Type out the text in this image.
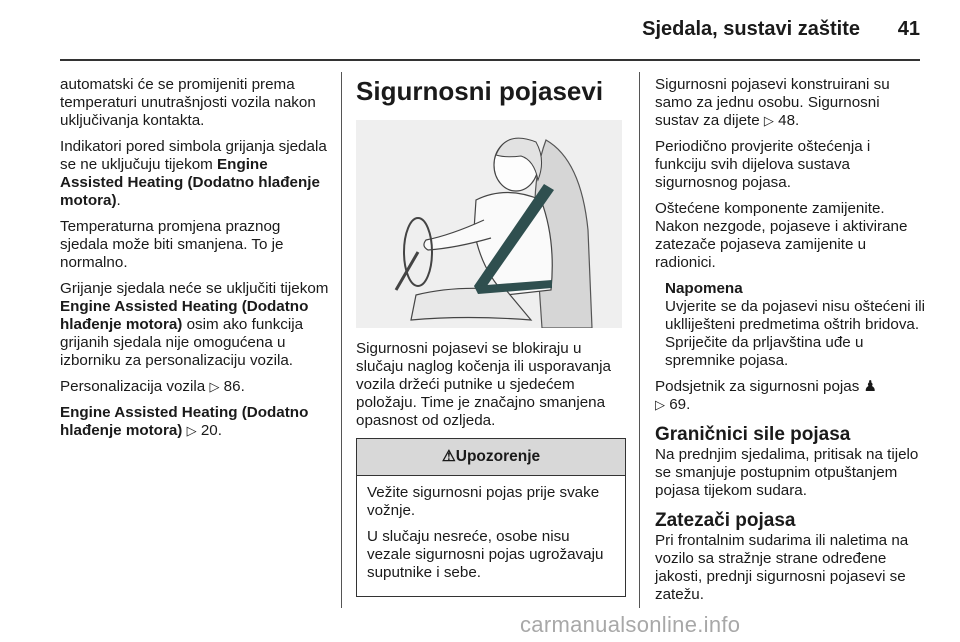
Sjedala, sustavi zaštite 41

automatski će se promijeniti prema temperaturi unutrašnjosti vozila nakon uključivanja kontakta.

Indikatori pored simbola grijanja sjedala se ne uključuju tijekom Engine Assisted Heating (Dodatno hlađenje motora).

Temperaturna promjena praznog sjedala može biti smanjena. To je normalno.

Grijanje sjedala neće se uključiti tijekom Engine Assisted Heating (Dodatno hlađenje motora) osim ako funkcija grijanih sjedala nije omogućena u izborniku za personalizaciju vozila.

Personalizacija vozila ▷ 86.

Engine Assisted Heating (Dodatno hlađenje motora) ▷ 20.

Sigurnosni pojasevi

Sigurnosni pojasevi se blokiraju u slučaju naglog kočenja ili usporavanja vozila držeći putnike u sjedećem položaju. Time je značajno smanjena opasnost od ozljeda.

⚠Upozorenje

Vežite sigurnosni pojas prije svake vožnje.

U slučaju nesreće, osobe nisu vezale sigurnosni pojas ugrožavaju suputnike i sebe.

Sigurnosni pojasevi konstruirani su samo za jednu osobu. Sigurnosni sustav za dijete ▷ 48.

Periodično provjerite oštećenja i funkciju svih dijelova sustava sigurnosnog pojasa.

Oštećene komponente zamijenite. Nakon nezgode, pojaseve i aktivirane zatezače pojaseva zamijenite u radionici.

Napomena
Uvjerite se da pojasevi nisu oštećeni ili uklliješteni predmetima oštrih bridova. Spriječite da prljavština uđe u spremnike pojasa.

Podsjetnik za sigurnosni pojas ♟
▷ 69.

Graničnici sile pojasa

Na prednjim sjedalima, pritisak na tijelo se smanjuje postupnim otpuštanjem pojasa tijekom sudara.

Zatezači pojasa

Pri frontalnim sudarima ili naletima na vozilo sa stražnje strane određene jakosti, prednji sigurnosni pojasevi se zatežu.

carmanualsonline.info
